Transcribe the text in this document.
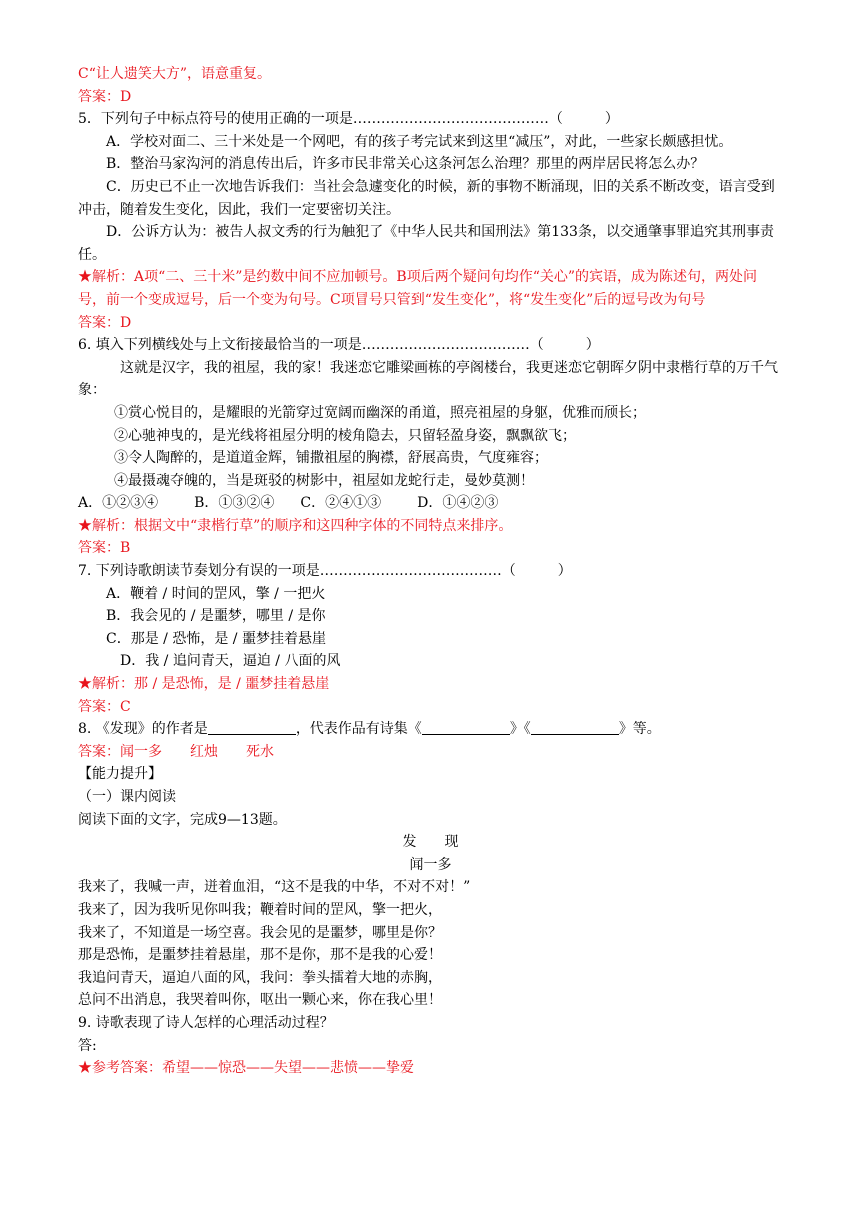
C“让人遗笑大方”，语意重复。
答案：D
5．下列句子中标点符号的使用正确的一项是……………………………………（　　　）
A．学校对面二、三十米处是一个网吧，有的孩子考完试来到这里“减压”，对此，一些家长颇感担忧。
B．整治马家沟河的消息传出后，许多市民非常关心这条河怎么治理？那里的两岸居民将怎么办？
C．历史已不止一次地告诉我们：当社会急遽变化的时候，新的事物不断涌现，旧的关系不断改变，语言受到冲击，随着发生变化，因此，我们一定要密切关注。
D．公诉方认为：被告人叔文秀的行为触犯了《中华人民共和国刑法》第133条，以交通肇事罪追究其刑事责任。
★解析：A项“二、三十米”是约数中间不应加顿号。B项后两个疑问句均作“关心”的宾语，成为陈述句，两处问号，前一个变成逗号，后一个变为句号。C项冒号只管到“发生变化”，将“发生变化”后的逗号改为句号
答案：D
6. 填入下列横线处与上文衔接最恰当的一项是………………………………（　　　）
这就是汉字，我的祖屋，我的家！我迷恋它雕梁画栋的亭阁楼台，我更迷恋它朝晖夕阴中隶楷行草的万千气象：
①赏心悦目的，是耀眼的光箭穿过宽阔而幽深的甬道，照亮祖屋的身躯，优雅而颀长；
②心驰神曳的，是光线将祖屋分明的棱角隐去，只留轻盈身姿，飘飘欲飞；
③令人陶醉的，是道道金辉，铺撒祖屋的胸襟，舒展高贵，气度雍容；
④最摄魂夺魄的，当是斑驳的树影中，祖屋如龙蛇行走，曼妙莫测！
A．①②③④	B．①③②④ C．②④①③	D．①④②③
★解析：根据文中“隶楷行草”的顺序和这四种字体的不同特点来排序。
答案：B
7. 下列诗歌朗读节奏划分有误的一项是…………………………………（　　　）
A．鞭着 / 时间的罡风，擎 / 一把火
B．我会见的 / 是噩梦，哪里 / 是你
C．那是 / 恐怖，是 / 噩梦挂着悬崖
D．我 / 追问青天，逼迫 / 八面的风
★解析：那 / 是恐怖，是 / 噩梦挂着悬崖
答案：C
8. 《发现》的作者是	，代表作品有诗集《	》《	》等。
答案：闻一多　　红烛　　死水
【能力提升】
（一）课内阅读
阅读下面的文字，完成9—13题。
发　　现
闻一多
我来了，我喊一声，迸着血泪，“这不是我的中华，不对不对！”
我来了，因为我听见你叫我；鞭着时间的罡风，擎一把火，
我来了，不知道是一场空喜。我会见的是噩梦，哪里是你？
那是恐怖，是噩梦挂着悬崖，那不是你，那不是我的心爱！
我追问青天，逼迫八面的风，我问：拳头擂着大地的赤胸，
总问不出消息，我哭着叫你，呕出一颗心来，你在我心里！
9. 诗歌表现了诗人怎样的心理活动过程？
答:
★参考答案：希望——惊恐——失望——悲愤——挚爱
